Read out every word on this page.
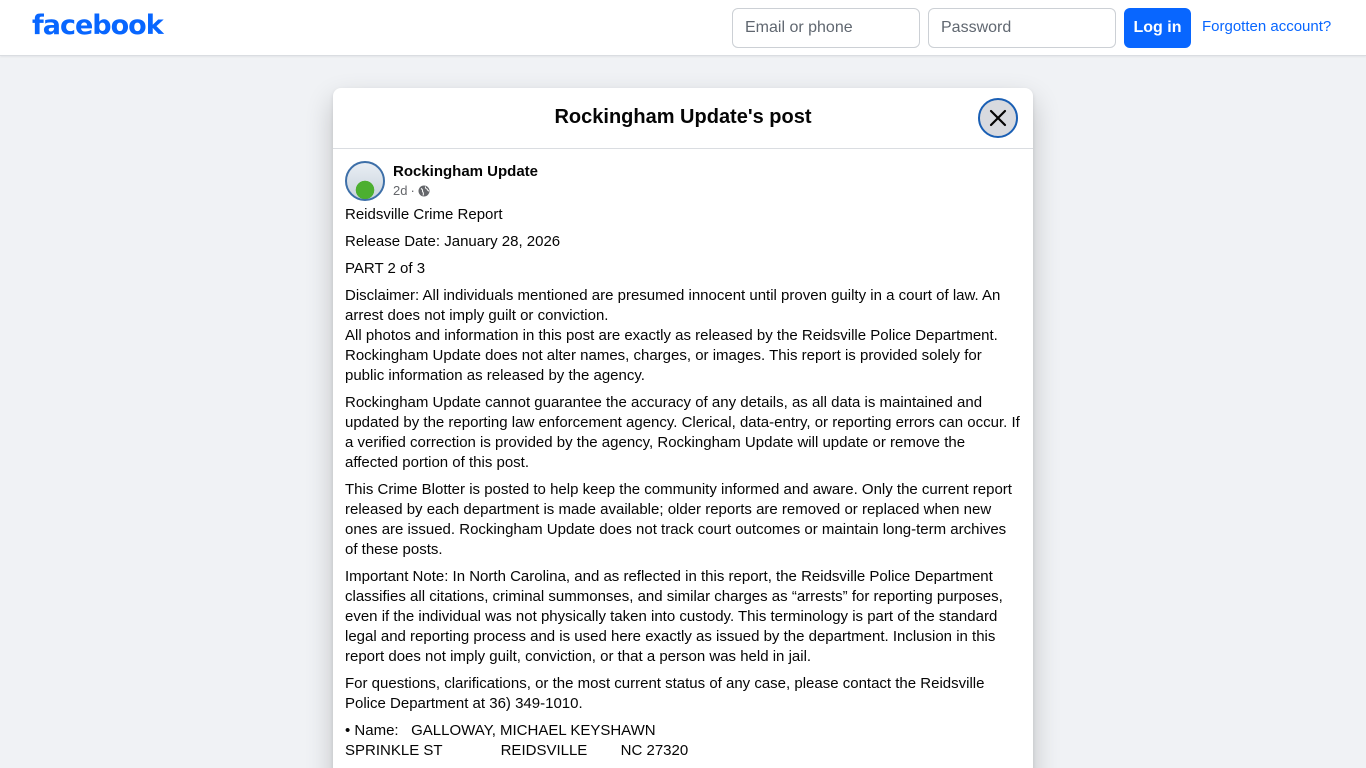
facebook
Email or phone	Log in	Forgotten account?
Rockingham Update's post
Rockingham Update
2d ·

Reidsville Crime Report

Release Date: January 28, 2026

PART 2 of 3

Disclaimer: All individuals mentioned are presumed innocent until proven guilty in a court of law. An arrest does not imply guilt or conviction.
All photos and information in this post are exactly as released by the Reidsville Police Department. Rockingham Update does not alter names, charges, or images. This report is provided solely for public information as released by the agency.

Rockingham Update cannot guarantee the accuracy of any details, as all data is maintained and updated by the reporting law enforcement agency. Clerical, data-entry, or reporting errors can occur. If a verified correction is provided by the agency, Rockingham Update will update or remove the affected portion of this post.

This Crime Blotter is posted to help keep the community informed and aware. Only the current report released by each department is made available; older reports are removed or replaced when new ones are issued. Rockingham Update does not track court outcomes or maintain long-term archives of these posts.

Important Note: In North Carolina, and as reflected in this report, the Reidsville Police Department classifies all citations, criminal summonses, and similar charges as “arrests” for reporting purposes, even if the individual was not physically taken into custody. This terminology is part of the standard legal and reporting process and is used here exactly as issued by the department. Inclusion in this report does not imply guilt, conviction, or that a person was held in jail.

For questions, clarifications, or the most current status of any case, please contact the Reidsville Police Department at 36) 349-1010.

• Name:   GALLOWAY, MICHAEL KEYSHAWN
SPRINKLE ST              REIDSVILLE        NC 27320
